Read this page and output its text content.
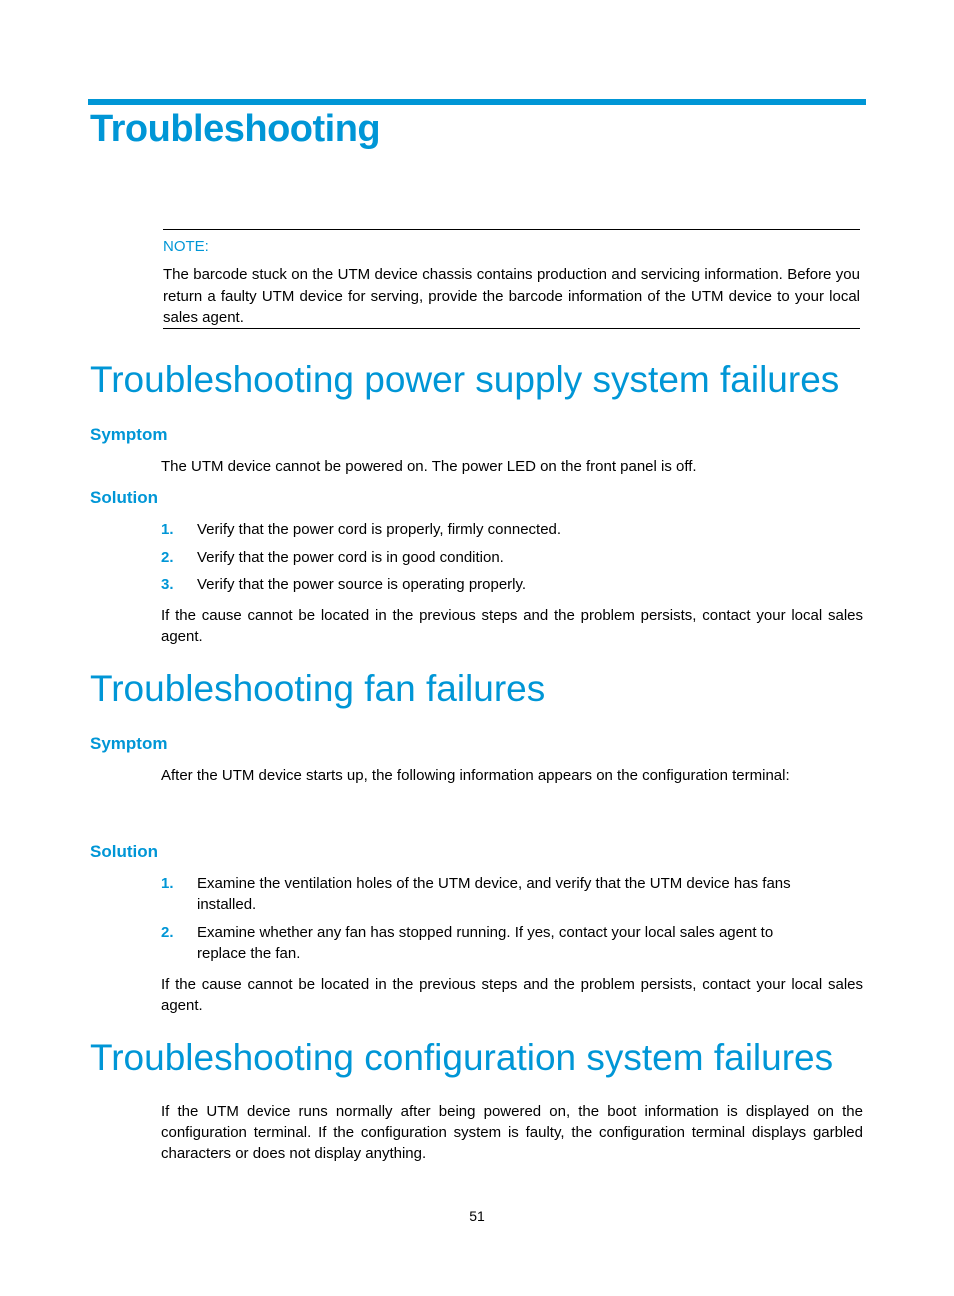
Troubleshooting
NOTE:
The barcode stuck on the UTM device chassis contains production and servicing information. Before you return a faulty UTM device for serving, provide the barcode information of the UTM device to your local sales agent.
Troubleshooting power supply system failures
Symptom

The UTM device cannot be powered on. The power LED on the front panel is off.

Solution
1. Verify that the power cord is properly, firmly connected.
2. Verify that the power cord is in good condition.
3. Verify that the power source is operating properly.

If the cause cannot be located in the previous steps and the problem persists, contact your local sales agent.

Troubleshooting fan failures
Symptom

After the UTM device starts up, the following information appears on the configuration terminal:

Solution
1. Examine the ventilation holes of the UTM device, and verify that the UTM device has fans installed.
2. Examine whether any fan has stopped running. If yes, contact your local sales agent to replace the fan.

If the cause cannot be located in the previous steps and the problem persists, contact your local sales agent.

Troubleshooting configuration system failures

If the UTM device runs normally after being powered on, the boot information is displayed on the configuration terminal. If the configuration system is faulty, the configuration terminal displays garbled characters or does not display anything.

51
